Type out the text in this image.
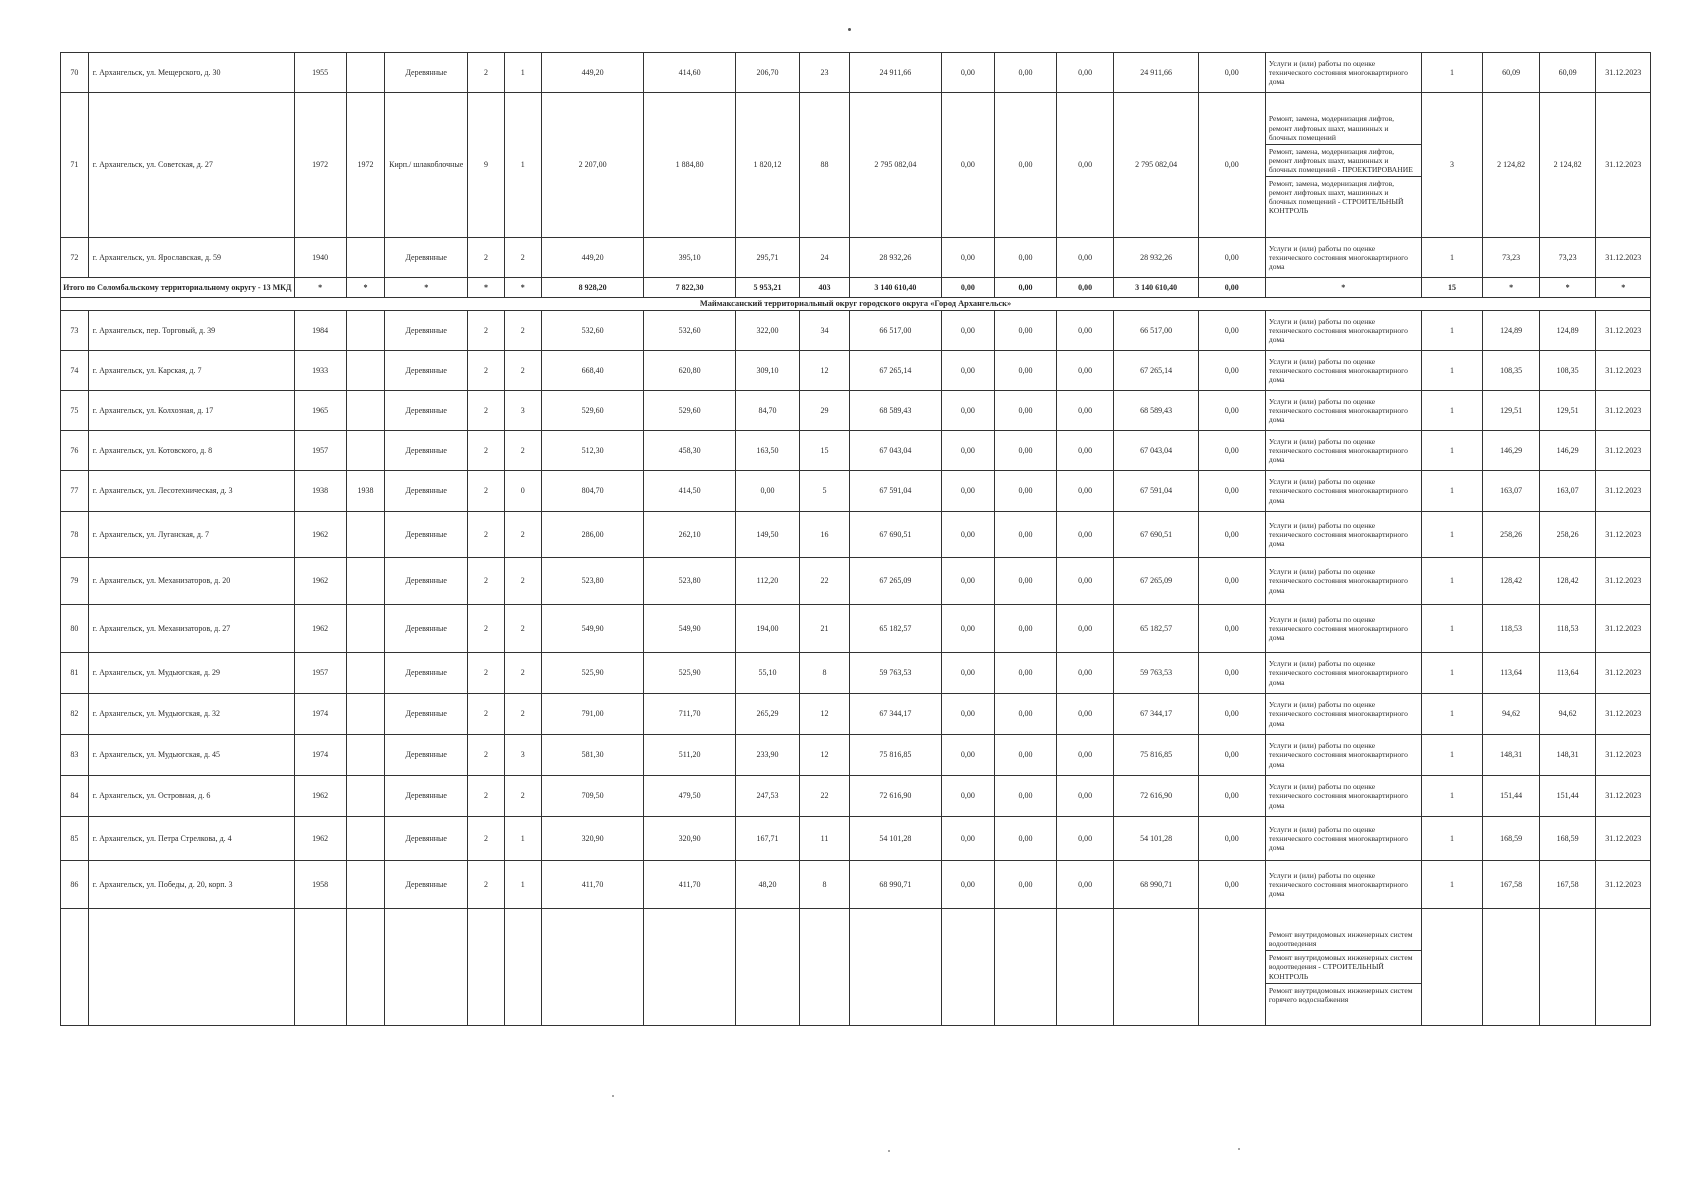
70	г. Архангельск, ул. Мещерского, д. 30	1955		Деревянные	2	1	449,20	414,60	206,70	23	24 911,66	0,00	0,00	0,00	24 911,66	0,00	Услуги и (или) работы по оценке технического состояния многоквартирного дома	1	60,09	60,09	31.12.2023
71	г. Архангельск, ул. Советская, д. 27	1972	1972	Кирп./ шлакоблочные	9	1	2 207,00	1 884,80	1 820,12	88	2 795 082,04	0,00	0,00	0,00	2 795 082,04	0,00	Ремонт, замена, модернизация лифтов, ремонт лифтовых шахт, машинных и блочных помещений
Ремонт, замена, модернизация лифтов, ремонт лифтовых шахт, машинных и блочных помещений - ПРОЕКТИРОВАНИЕ
Ремонт, замена, модернизация лифтов, ремонт лифтовых шахт, машинных и блочных помещений - СТРОИТЕЛЬНЫЙ КОНТРОЛЬ	3	2 124,82	2 124,82	31.12.2023
72	г. Архангельск, ул. Ярославская, д. 59	1940		Деревянные	2	2	449,20	395,10	295,71	24	28 932,26	0,00	0,00	0,00	28 932,26	0,00	Услуги и (или) работы по оценке технического состояния многоквартирного дома	1	73,23	73,23	31.12.2023
Итого по Соломбальскому территориальному округу - 13 МКД		*	*	*	*	*	8 928,20	7 822,30	5 953,21	403	3 140 610,40	0,00	0,00	0,00	3 140 610,40	0,00	*	15	*	*	*
Маймаксанский территориальный округ городского округа «Город Архангельск»																					
73	г. Архангельск, пер. Торговый, д. 39	1984		Деревянные	2	2	532,60	532,60	322,00	34	66 517,00	0,00	0,00	0,00	66 517,00	0,00	Услуги и (или) работы по оценке технического состояния многоквартирного дома	1	124,89	124,89	31.12.2023
74	г. Архангельск, ул. Карская, д. 7	1933		Деревянные	2	2	668,40	620,80	309,10	12	67 265,14	0,00	0,00	0,00	67 265,14	0,00	Услуги и (или) работы по оценке технического состояния многоквартирного дома	1	108,35	108,35	31.12.2023
75	г. Архангельск, ул. Колхозная, д. 17	1965		Деревянные	2	3	529,60	529,60	84,70	29	68 589,43	0,00	0,00	0,00	68 589,43	0,00	Услуги и (или) работы по оценке технического состояния многоквартирного дома	1	129,51	129,51	31.12.2023
76	г. Архангельск, ул. Котовского, д. 8	1957		Деревянные	2	2	512,30	458,30	163,50	15	67 043,04	0,00	0,00	0,00	67 043,04	0,00	Услуги и (или) работы по оценке технического состояния многоквартирного дома	1	146,29	146,29	31.12.2023
77	г. Архангельск, ул. Лесотехническая, д. 3	1938	1938	Деревянные	2	0	804,70	414,50	0,00	5	67 591,04	0,00	0,00	0,00	67 591,04	0,00	Услуги и (или) работы по оценке технического состояния многоквартирного дома	1	163,07	163,07	31.12.2023
78	г. Архангельск, ул. Луганская, д. 7	1962		Деревянные	2	2	286,00	262,10	149,50	16	67 690,51	0,00	0,00	0,00	67 690,51	0,00	Услуги и (или) работы по оценке технического состояния многоквартирного дома	1	258,26	258,26	31.12.2023
79	г. Архангельск, ул. Механизаторов, д. 20	1962		Деревянные	2	2	523,80	523,80	112,20	22	67 265,09	0,00	0,00	0,00	67 265,09	0,00	Услуги и (или) работы по оценке технического состояния многоквартирного дома	1	128,42	128,42	31.12.2023
80	г. Архангельск, ул. Механизаторов, д. 27	1962		Деревянные	2	2	549,90	549,90	194,00	21	65 182,57	0,00	0,00	0,00	65 182,57	0,00	Услуги и (или) работы по оценке технического состояния многоквартирного дома	1	118,53	118,53	31.12.2023
81	г. Архангельск, ул. Мудьюгская, д. 29	1957		Деревянные	2	2	525,90	525,90	55,10	8	59 763,53	0,00	0,00	0,00	59 763,53	0,00	Услуги и (или) работы по оценке технического состояния многоквартирного дома	1	113,64	113,64	31.12.2023
82	г. Архангельск, ул. Мудьюгская, д. 32	1974		Деревянные	2	2	791,00	711,70	265,29	12	67 344,17	0,00	0,00	0,00	67 344,17	0,00	Услуги и (или) работы по оценке технического состояния многоквартирного дома	1	94,62	94,62	31.12.2023
83	г. Архангельск, ул. Мудьюгская, д. 45	1974		Деревянные	2	3	581,30	511,20	233,90	12	75 816,85	0,00	0,00	0,00	75 816,85	0,00	Услуги и (или) работы по оценке технического состояния многоквартирного дома	1	148,31	148,31	31.12.2023
84	г. Архангельск, ул. Островная, д. 6	1962		Деревянные	2	2	709,50	479,50	247,53	22	72 616,90	0,00	0,00	0,00	72 616,90	0,00	Услуги и (или) работы по оценке технического состояния многоквартирного дома	1	151,44	151,44	31.12.2023
85	г. Архангельск, ул. Петра Стрелкова, д. 4	1962		Деревянные	2	1	320,90	320,90	167,71	11	54 101,28	0,00	0,00	0,00	54 101,28	0,00	Услуги и (или) работы по оценке технического состояния многоквартирного дома	1	168,59	168,59	31.12.2023
86	г. Архангельск, ул. Победы, д. 20, корп. 3	1958		Деревянные	2	1	411,70	411,70	48,20	8	68 990,71	0,00	0,00	0,00	68 990,71	0,00	Услуги и (или) работы по оценке технического состояния многоквартирного дома	1	167,58	167,58	31.12.2023

																	Ремонт внутридомовых инженерных систем водоотведения
Ремонт внутридомовых инженерных систем водоотведения - СТРОИТЕЛЬНЫЙ КОНТРОЛЬ
Ремонт внутридомовых инженерных систем горячего водоснабжения				
